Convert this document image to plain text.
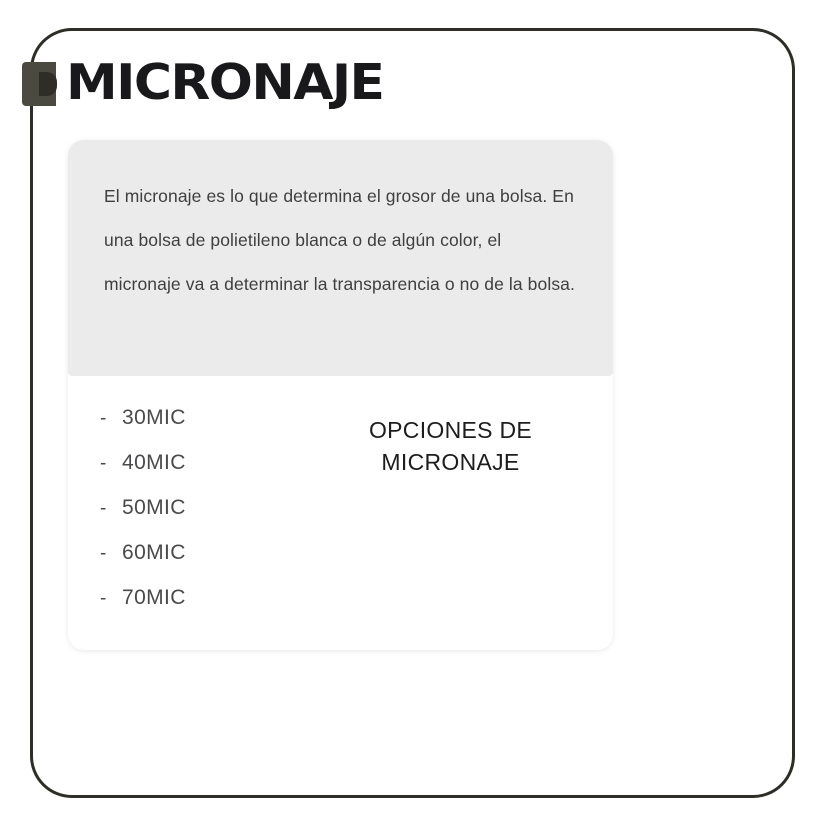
MICRONAJE
El micronaje es lo que determina el grosor de una bolsa. En una bolsa de polietileno blanca o de algún color, el micronaje va a determinar la transparencia o no de la bolsa.
- 30MIC
- 40MIC
- 50MIC
- 60MIC
- 70MIC
OPCIONES DE MICRONAJE
